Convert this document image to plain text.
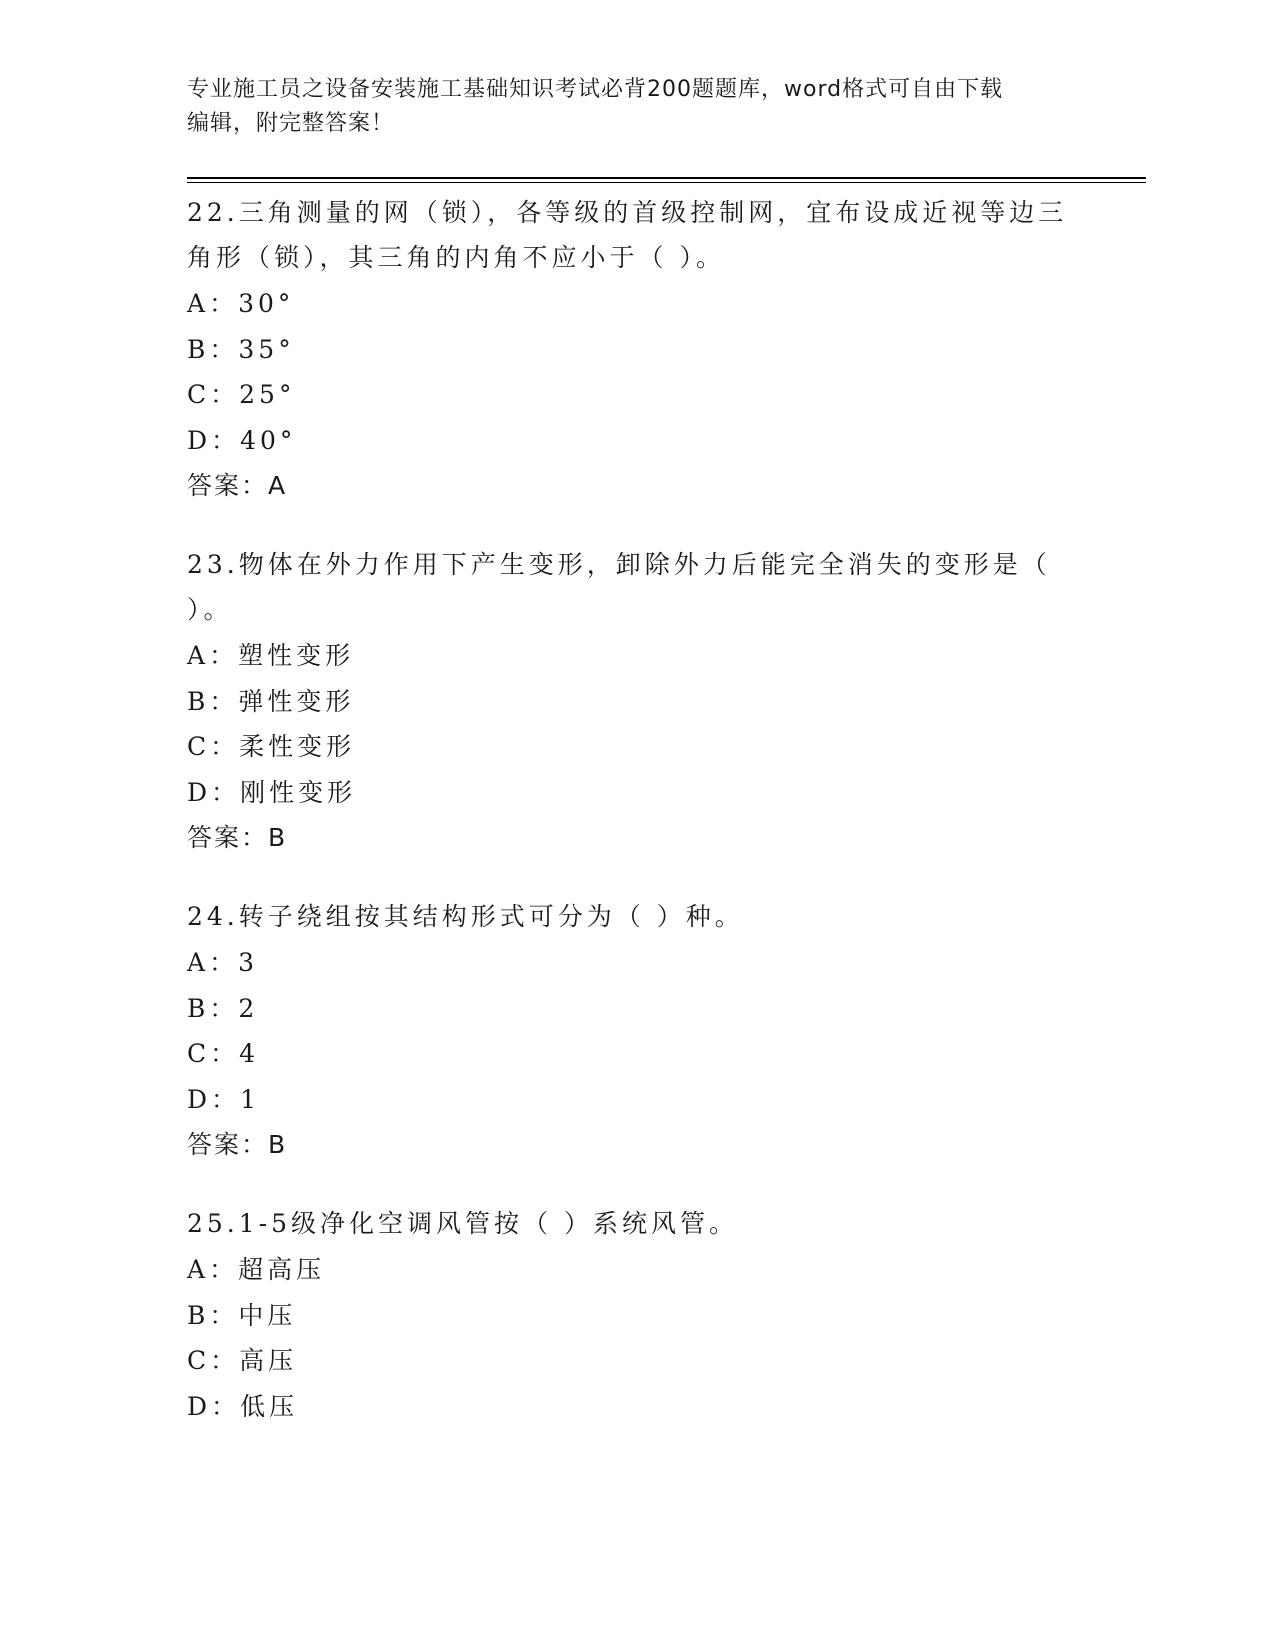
专业施工员之设备安装施工基础知识考试必背200题题库，word格式可自由下载
编辑，附完整答案！
22.三角测量的网（锁），各等级的首级控制网，宜布设成近视等边三角形（锁），其三角的内角不应小于（ ）。
A：30°
B：35°
C：25°
D：40°
答案：A
23.物体在外力作用下产生变形，卸除外力后能完全消失的变形是（ ）。
A：塑性变形
B：弹性变形
C：柔性变形
D：刚性变形
答案：B
24.转子绕组按其结构形式可分为（ ）种。
A：3
B：2
C：4
D：1
答案：B
25.1-5级净化空调风管按（ ）系统风管。
A：超高压
B：中压
C：高压
D：低压
